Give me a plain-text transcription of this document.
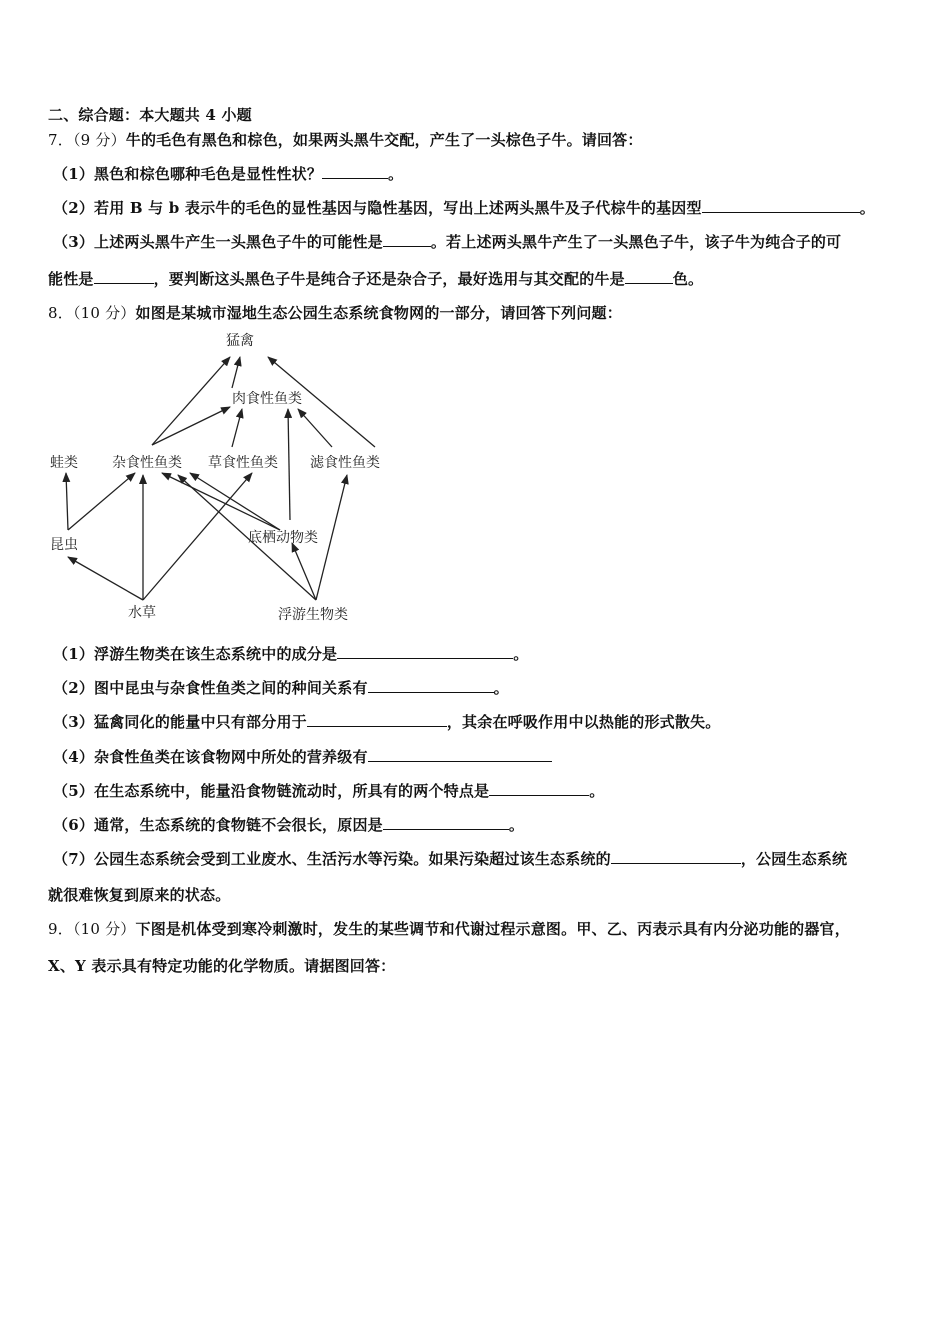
二、综合题：本大题共 4 小题
7．（9 分）牛的毛色有黑色和棕色，如果两头黑牛交配，产生了一头棕色子牛。请回答：
（1）黑色和棕色哪种毛色是显性性状？	。
（2）若用 B 与 b 表示牛的毛色的显性基因与隐性基因，写出上述两头黑牛及子代棕牛的基因型	。
（3）上述两头黑牛产生一头黑色子牛的可能性是	。若上述两头黑牛产生了一头黑色子牛，该子牛为纯合子的可
能性是	，要判断这头黑色子牛是纯合子还是杂合子，最好选用与其交配的牛是	色。
8．（10 分）如图是某城市湿地生态公园生态系统食物网的一部分，请回答下列问题：
猛禽
肉食性鱼类
蛙类 杂食性鱼类 草食性鱼类 滤食性鱼类
昆虫	底栖动物类
水草	浮游生物类
（1）浮游生物类在该生态系统中的成分是	。
（2）图中昆虫与杂食性鱼类之间的种间关系有	。
（3）猛禽同化的能量中只有部分用于	，其余在呼吸作用中以热能的形式散失。
（4）杂食性鱼类在该食物网中所处的营养级有
（5）在生态系统中，能量沿食物链流动时，所具有的两个特点是	。
（6）通常，生态系统的食物链不会很长，原因是	。
（7）公园生态系统会受到工业废水、生活污水等污染。如果污染超过该生态系统的	，公园生态系统
就很难恢复到原来的状态。
9．（10 分）下图是机体受到寒冷刺激时，发生的某些调节和代谢过程示意图。甲、乙、丙表示具有内分泌功能的器官，
X、Y 表示具有特定功能的化学物质。请据图回答：
